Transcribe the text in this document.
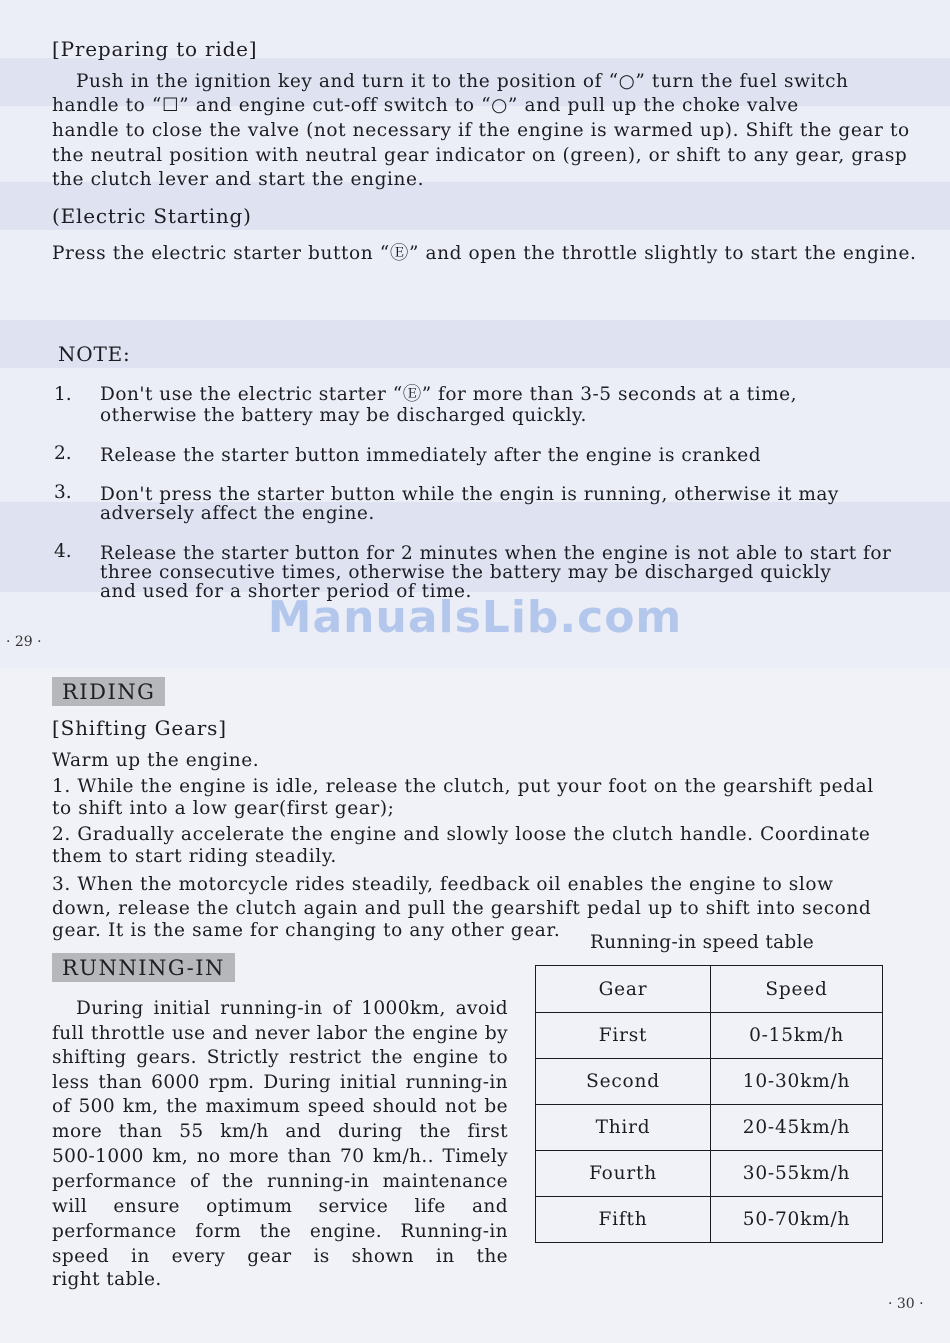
[Preparing to ride]
Push in the ignition key and turn it to the position of “○” turn the fuel switch
handle to “☐” and engine cut-off switch to “○” and pull up the choke valve
handle to close the valve (not necessary if the engine is warmed up). Shift the gear to
the neutral position with neutral gear indicator on (green), or shift to any gear, grasp
the clutch lever and start the engine.
(Electric Starting)
Press the electric starter button “Ⓔ” and open the throttle slightly to start the engine.
NOTE:
1. Don't use the electric starter “Ⓔ” for more than 3-5 seconds at a time,
otherwise the battery may be discharged quickly.
2. Release the starter button immediately after the engine is cranked
3. Don't press the starter button while the engin is running, otherwise it may
adversely affect the engine.
4. Release the starter button for 2 minutes when the engine is not able to start for
three consecutive times, otherwise the battery may be discharged quickly
and used for a shorter period of time.
· 29 ·	ManualsLib.com
RIDING
[Shifting Gears]
Warm up the engine.
1. While the engine is idle, release the clutch, put your foot on the gearshift pedal
to shift into a low gear(first gear);
2. Gradually accelerate the engine and slowly loose the clutch handle. Coordinate
them to start riding steadily.
3. When the motorcycle rides steadily, feedback oil enables the engine to slow
down, release the clutch again and pull the gearshift pedal up to shift into second
gear. It is the same for changing to any other gear.
RUNNING-IN
During initial running-in of 1000km, avoid
full throttle use and never labor the engine by
shifting gears. Strictly restrict the engine to
less than 6000 rpm. During initial running-in
of 500 km, the maximum speed should not be
more than 55 km/h and during the first
500-1000 km, no more than 70 km/h.. Timely
performance of the running-in maintenance
will ensure optimum service life and
performance form the engine. Running-in
speed in every gear is shown in the
right table.
Running-in speed table
Gear	Speed
First	0-15km/h
Second	10-30km/h
Third	20-45km/h
Fourth	30-55km/h
Fifth	50-70km/h
· 30 ·
